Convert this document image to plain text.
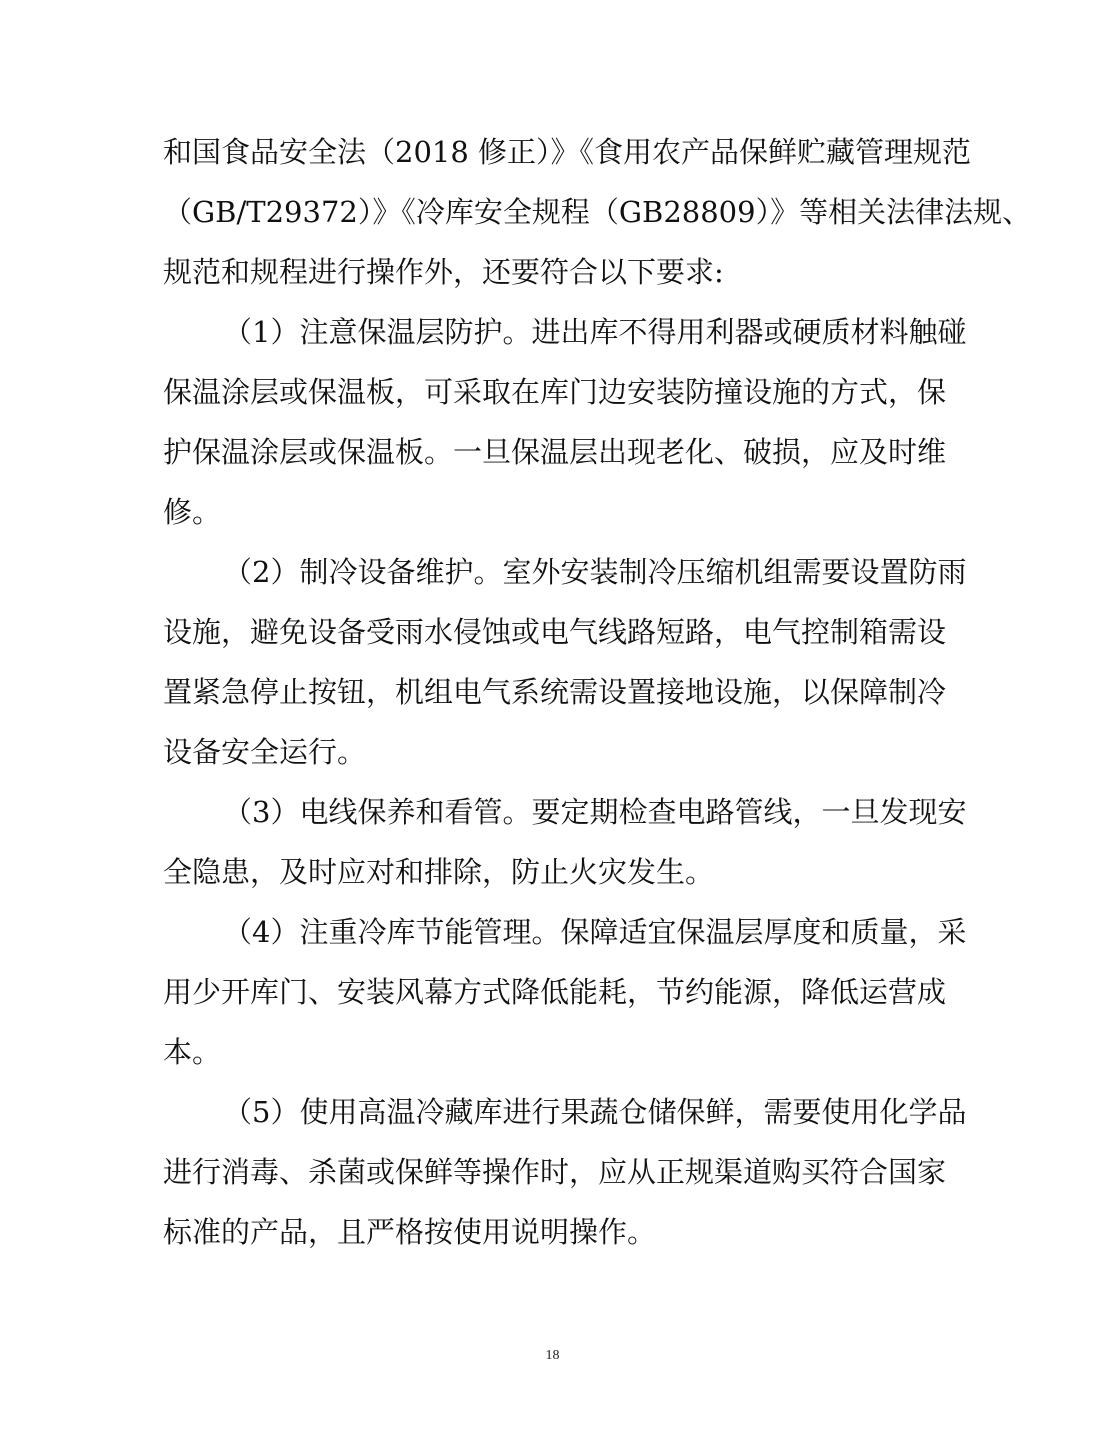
和国食品安全法（2018 修正）》《食用农产品保鲜贮藏管理规范
（GB/T29372）》《冷库安全规程（GB28809）》等相关法律法规、
规范和规程进行操作外，还要符合以下要求:
（1）注意保温层防护。进出库不得用利器或硬质材料触碰
保温涂层或保温板，可采取在库门边安装防撞设施的方式，保
护保温涂层或保温板。一旦保温层出现老化、破损，应及时维
修。
（2）制冷设备维护。室外安装制冷压缩机组需要设置防雨
设施，避免设备受雨水侵蚀或电气线路短路，电气控制箱需设
置紧急停止按钮，机组电气系统需设置接地设施，以保障制冷
设备安全运行。
（3）电线保养和看管。要定期检查电路管线，一旦发现安
全隐患，及时应对和排除，防止火灾发生。
（4）注重冷库节能管理。保障适宜保温层厚度和质量，采
用少开库门、安装风幕方式降低能耗，节约能源，降低运营成
本。
（5）使用高温冷藏库进行果蔬仓储保鲜，需要使用化学品
进行消毒、杀菌或保鲜等操作时，应从正规渠道购买符合国家
标准的产品，且严格按使用说明操作。
18
